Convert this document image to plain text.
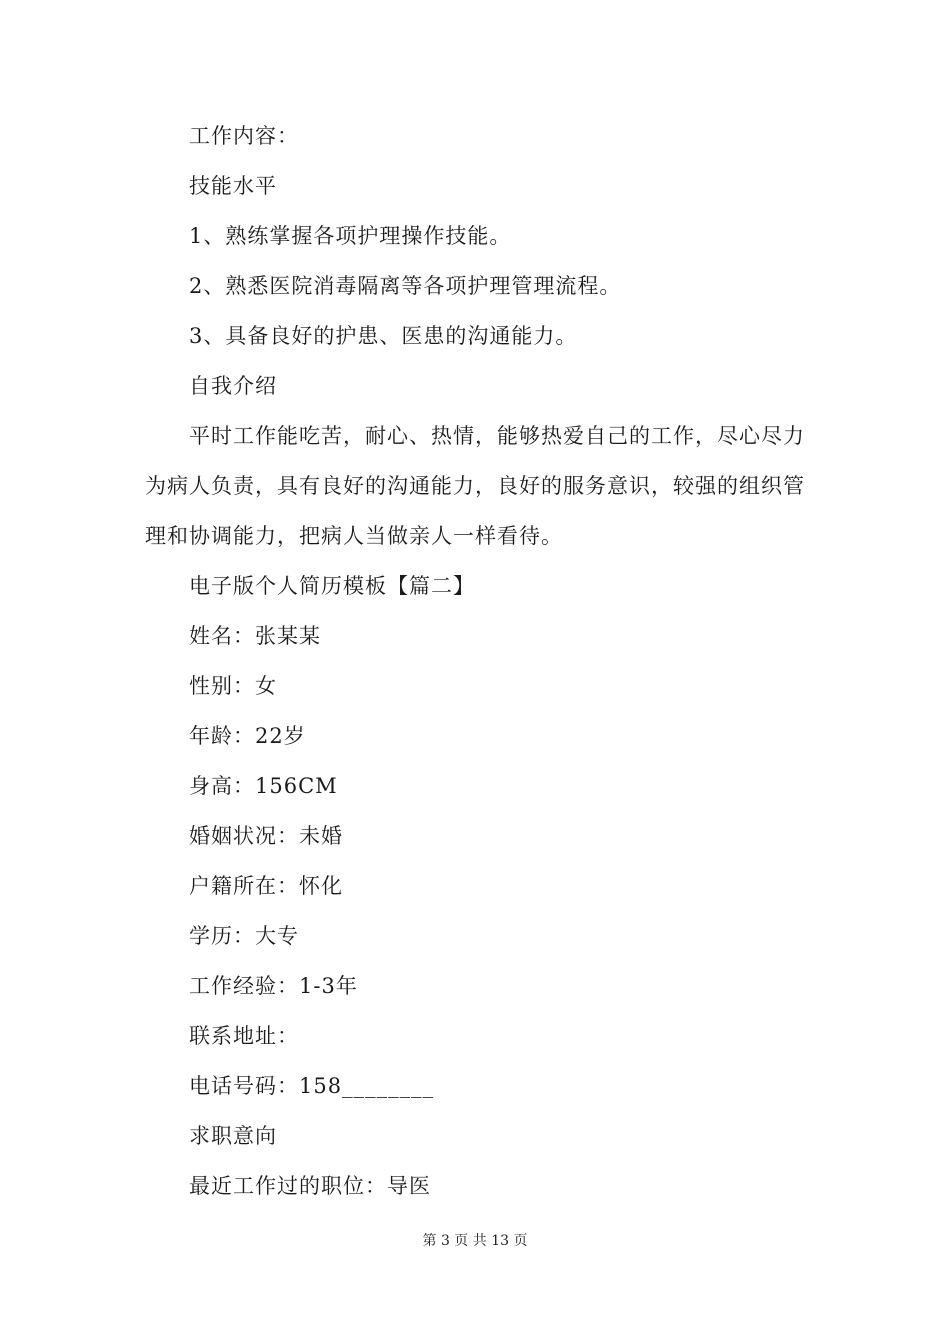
工作内容：
技能水平
1、熟练掌握各项护理操作技能。
2、熟悉医院消毒隔离等各项护理管理流程。
3、具备良好的护患、医患的沟通能力。
自我介绍
平时工作能吃苦，耐心、热情，能够热爱自己的工作，尽心尽力为病人负责，具有良好的沟通能力，良好的服务意识，较强的组织管理和协调能力，把病人当做亲人一样看待。
电子版个人简历模板【篇二】
姓名：张某某
性别：女
年龄：22岁
身高：156CM
婚姻状况：未婚
户籍所在：怀化
学历：大专
工作经验：1-3年
联系地址：
电话号码：158________
求职意向
最近工作过的职位：导医
第 3 页 共 13 页
